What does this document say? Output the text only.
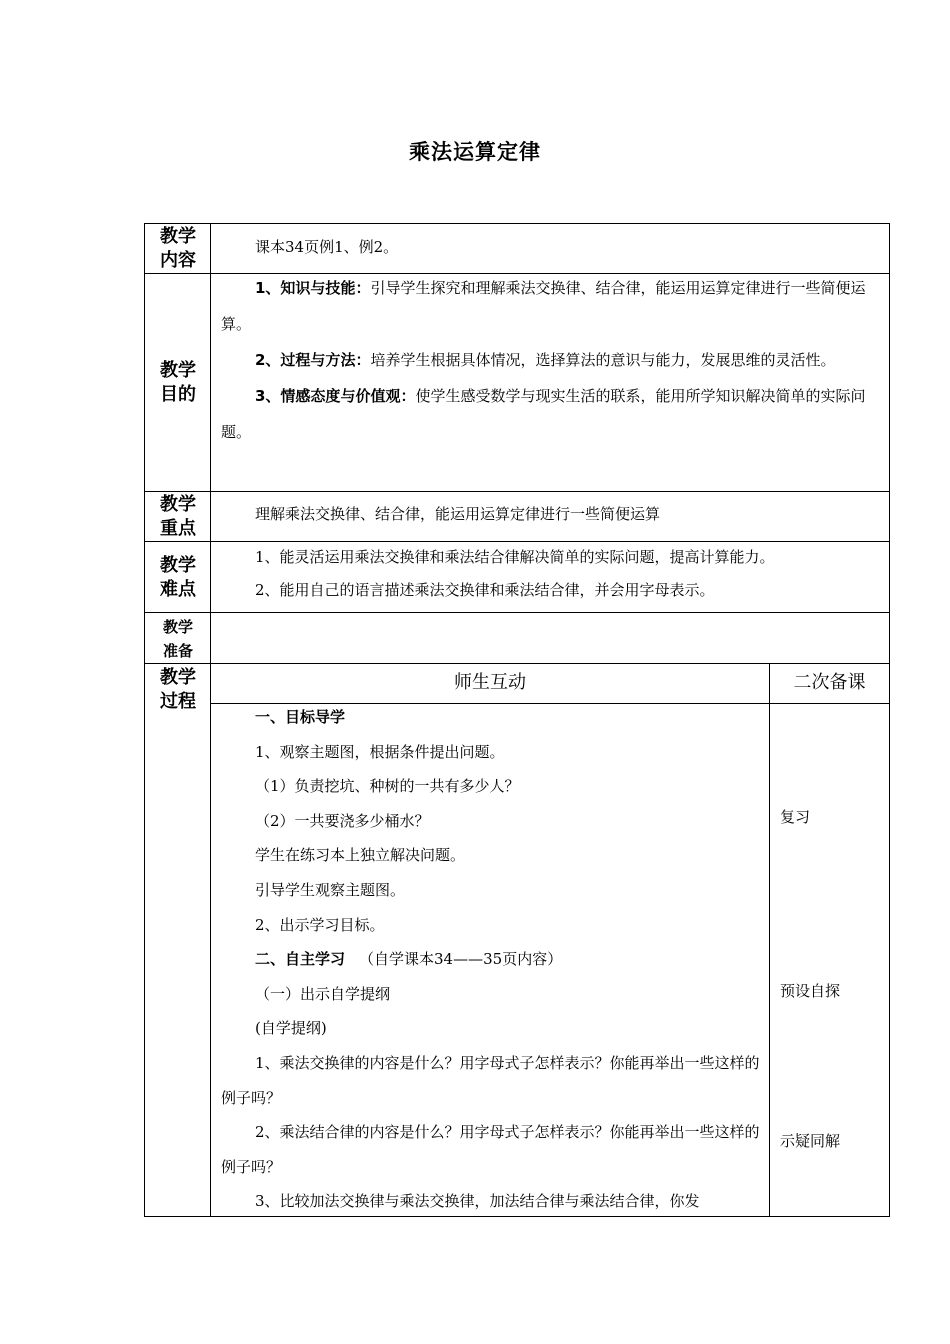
乘法运算定律
教学
内容
课本34页例1、例2。
教学
目的
1、知识与技能：引导学生探究和理解乘法交换律、结合律，能运用运算定律进行一些简便运算。
2、过程与方法：培养学生根据具体情况，选择算法的意识与能力，发展思维的灵活性。
3、情感态度与价值观：使学生感受数学与现实生活的联系，能用所学知识解决简单的实际问题。
教学
重点
理解乘法交换律、结合律，能运用运算定律进行一些简便运算
教学
难点
1、能灵活运用乘法交换律和乘法结合律解决简单的实际问题，提高计算能力。
2、能用自己的语言描述乘法交换律和乘法结合律，并会用字母表示。
教学
准备
教学
过程
师生互动	二次备课
一、目标导学
1、观察主题图，根据条件提出问题。
（1）负责挖坑、种树的一共有多少人？
（2）一共要浇多少桶水？
学生在练习本上独立解决问题。
引导学生观察主题图。
2、出示学习目标。
二、自主学习 （自学课本34——35页内容）
（一）出示自学提纲
(自学提纲)
1、乘法交换律的内容是什么？用字母式子怎样表示？你能再举出一些这样的例子吗？
2、乘法结合律的内容是什么？用字母式子怎样表示？你能再举出一些这样的例子吗？
3、比较加法交换律与乘法交换律，加法结合律与乘法结合律，你发
复习
预设自探
示疑同解
